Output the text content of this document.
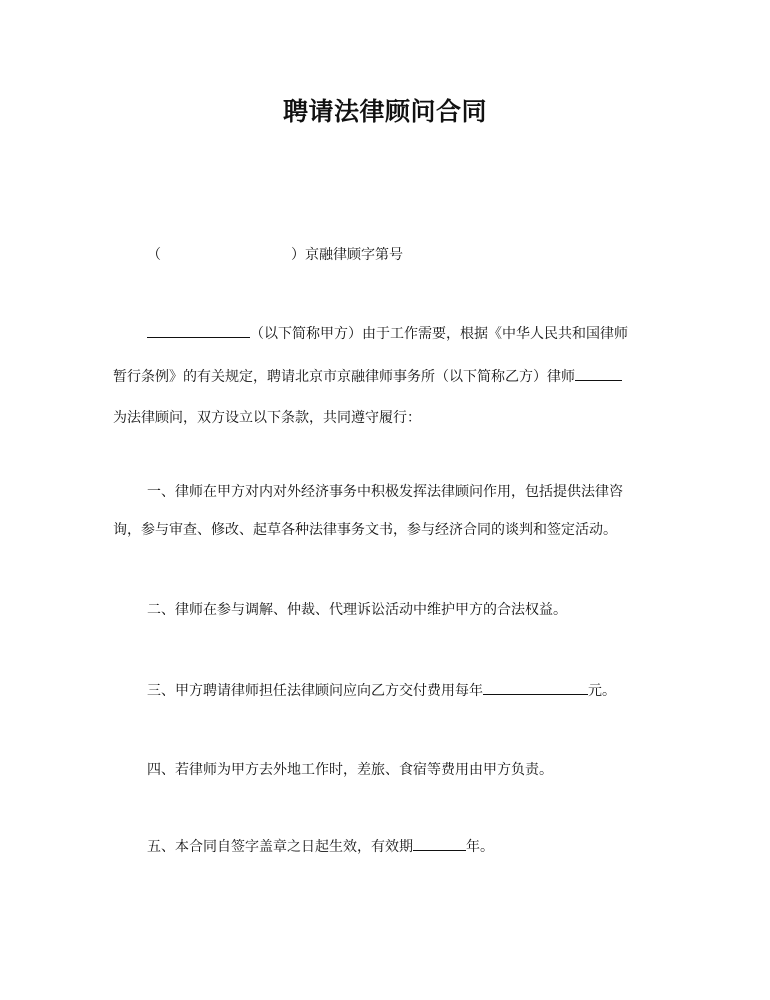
聘请法律顾问合同
（	）京融律顾字第号
（以下简称甲方）由于工作需要，根据《中华人民共和国律师
暂行条例》的有关规定，聘请北京市京融律师事务所（以下简称乙方）律师
为法律顾问，双方设立以下条款，共同遵守履行：
一、律师在甲方对内对外经济事务中积极发挥法律顾问作用，包括提供法律咨
询，参与审查、修改、起草各种法律事务文书，参与经济合同的谈判和签定活动。
二、律师在参与调解、仲裁、代理诉讼活动中维护甲方的合法权益。
三、甲方聘请律师担任法律顾问应向乙方交付费用每年	元。
四、若律师为甲方去外地工作时，差旅、食宿等费用由甲方负责。
五、本合同自签字盖章之日起生效，有效期	年。
